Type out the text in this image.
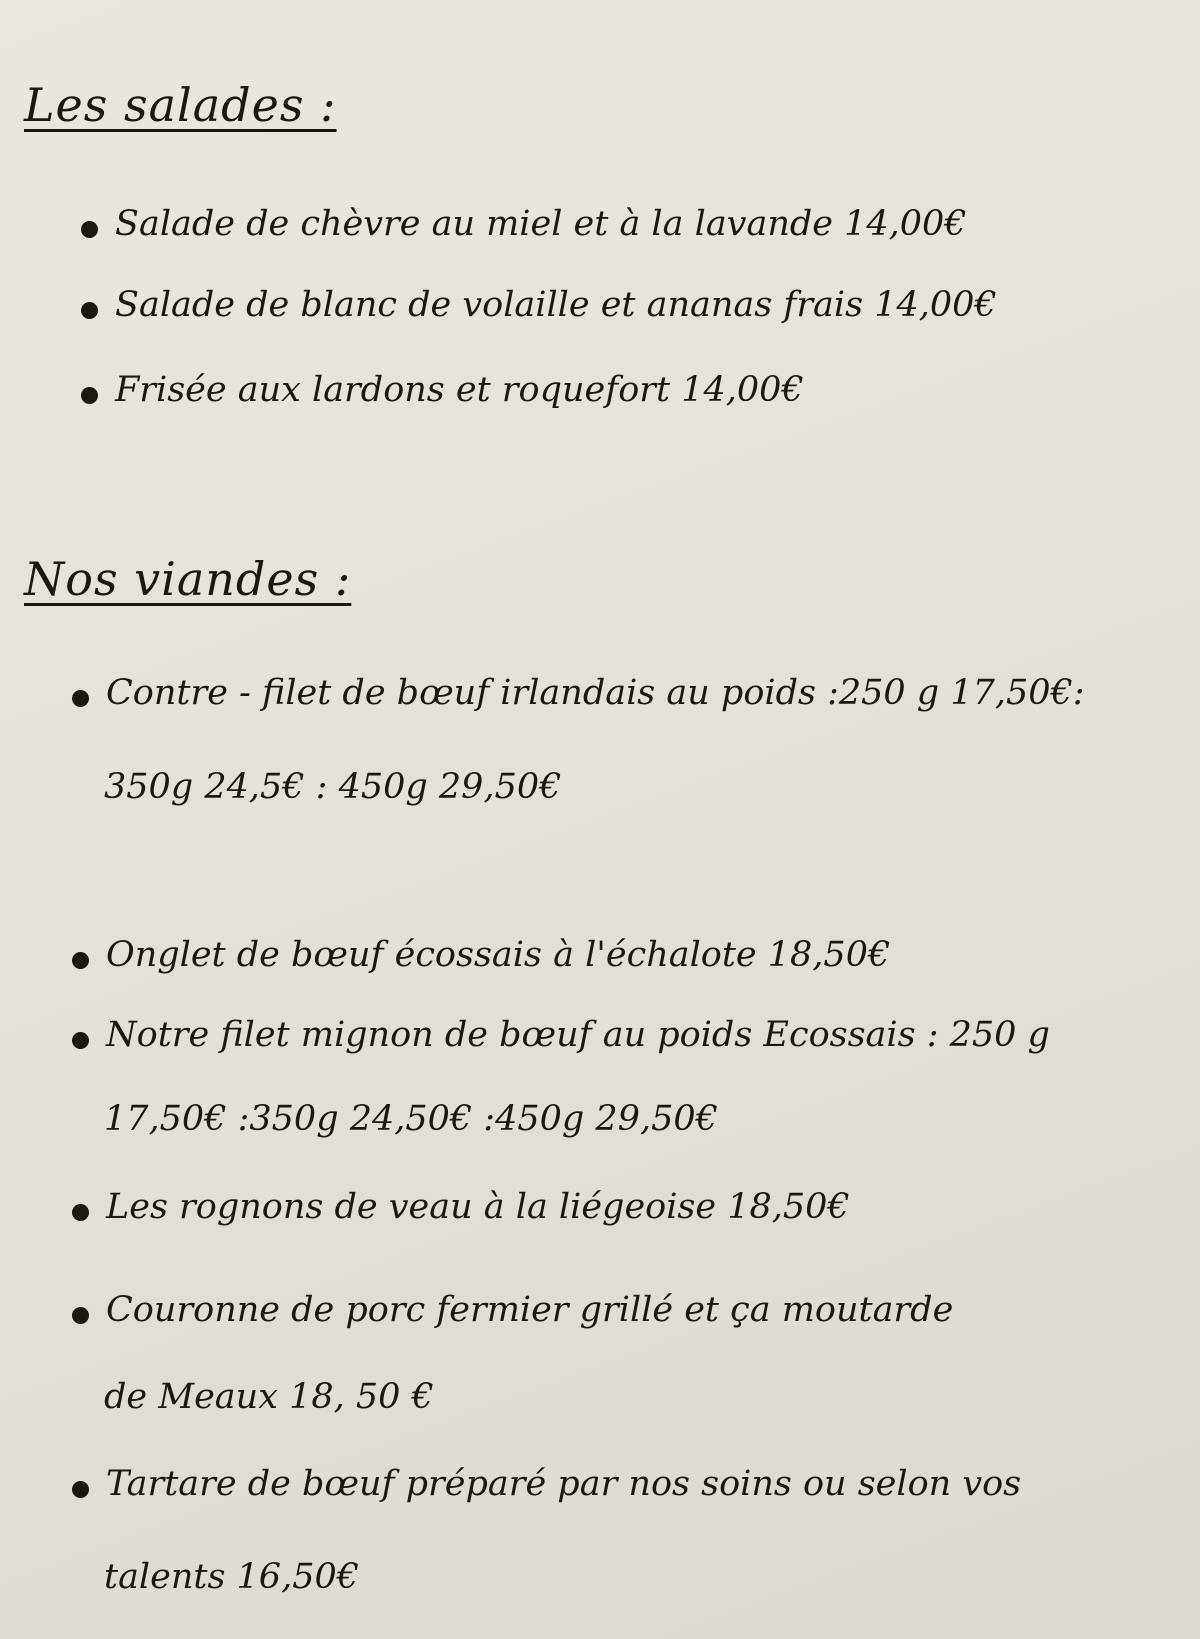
Les salades :

Salade de chèvre au miel et à la lavande 14,00€

Salade de blanc de volaille et ananas frais 14,00€

Frisée aux lardons et roquefort 14,00€

Nos viandes :

Contre - filet de bœuf irlandais au poids :250 g 17,50€:

350g 24,5€ : 450g 29,50€

Onglet de bœuf écossais à l'échalote 18,50€

Notre filet mignon de bœuf au poids Ecossais : 250 g

17,50€ :350g 24,50€ :450g 29,50€

Les rognons de veau à la liégeoise 18,50€

Couronne de porc fermier grillé et ça moutarde

de Meaux 18, 50 €

Tartare de bœuf préparé par nos soins ou selon vos

talents 16,50€
